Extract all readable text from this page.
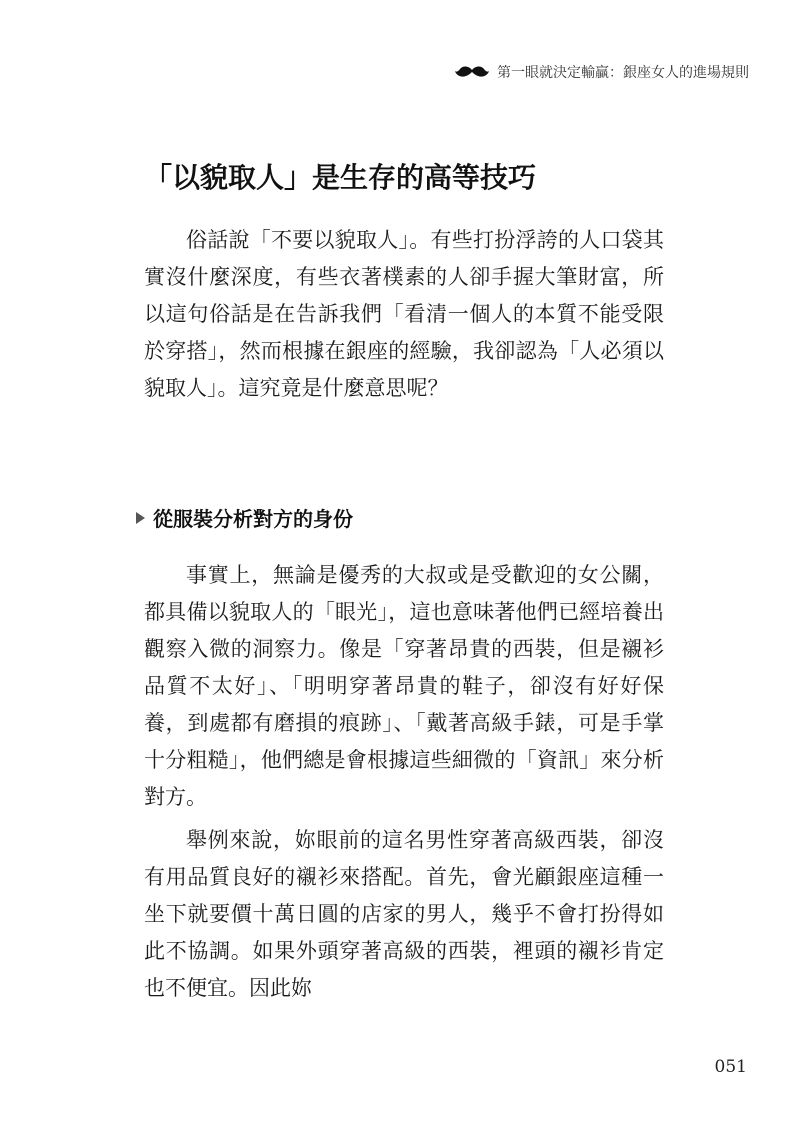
第一眼就決定輸贏：銀座女人的進場規則
「以貌取人」是生存的高等技巧

俗話說「不要以貌取人」。有些打扮浮誇的人口袋其實沒什麼深度，有些衣著樸素的人卻手握大筆財富，所以這句俗話是在告訴我們「看清一個人的本質不能受限於穿搭」，然而根據在銀座的經驗，我卻認為「人必須以貌取人」。這究竟是什麼意思呢？

從服裝分析對方的身份

事實上，無論是優秀的大叔或是受歡迎的女公關，都具備以貌取人的「眼光」，這也意味著他們已經培養出觀察入微的洞察力。像是「穿著昂貴的西裝，但是襯衫品質不太好」、「明明穿著昂貴的鞋子，卻沒有好好保養，到處都有磨損的痕跡」、「戴著高級手錶，可是手掌十分粗糙」，他們總是會根據這些細微的「資訊」來分析對方。

舉例來說，妳眼前的這名男性穿著高級西裝，卻沒有用品質良好的襯衫來搭配。首先，會光顧銀座這種一坐下就要價十萬日圓的店家的男人，幾乎不會打扮得如此不協調。如果外頭穿著高級的西裝，裡頭的襯衫肯定也不便宜。因此妳

051
